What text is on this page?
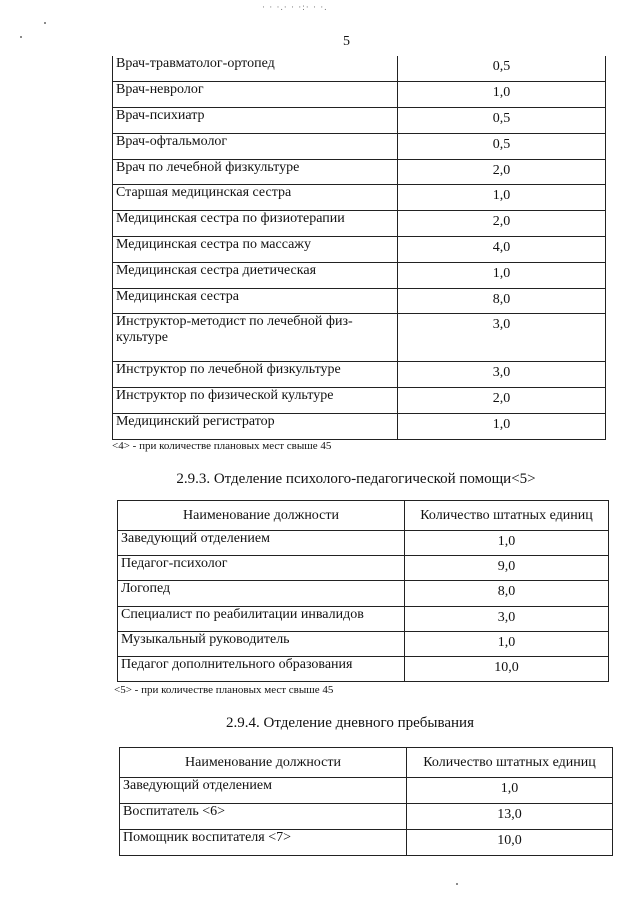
· · ·.· · ·:· · ·.
5
Врач-травматолог-ортопед	0,5
Врач-невролог	1,0
Врач-психиатр	0,5
Врач-офтальмолог	0,5
Врач по лечебной физкультуре	2,0
Старшая медицинская сестра	1,0
Медицинская сестра по физиотерапии	2,0
Медицинская сестра по массажу	4,0
Медицинская сестра диетическая	1,0
Медицинская сестра	8,0
Инструктор-методист по лечебной физ-культуре	3,0
Инструктор по лечебной физкультуре	3,0
Инструктор по физической культуре	2,0
Медицинский регистратор	1,0
<4> - при количестве плановых мест свыше 45
2.9.3. Отделение психолого-педагогической помощи<5>
Наименование должности	Количество штатных единиц
Заведующий отделением	1,0
Педагог-психолог	9,0
Логопед	8,0
Специалист по реабилитации инвалидов	3,0
Музыкальный руководитель	1,0
Педагог дополнительного образования	10,0
<5> - при количестве плановых мест свыше 45
2.9.4. Отделение дневного пребывания
Наименование должности	Количество штатных единиц
Заведующий отделением	1,0
Воспитатель <6>	13,0
Помощник воспитателя <7>	10,0
